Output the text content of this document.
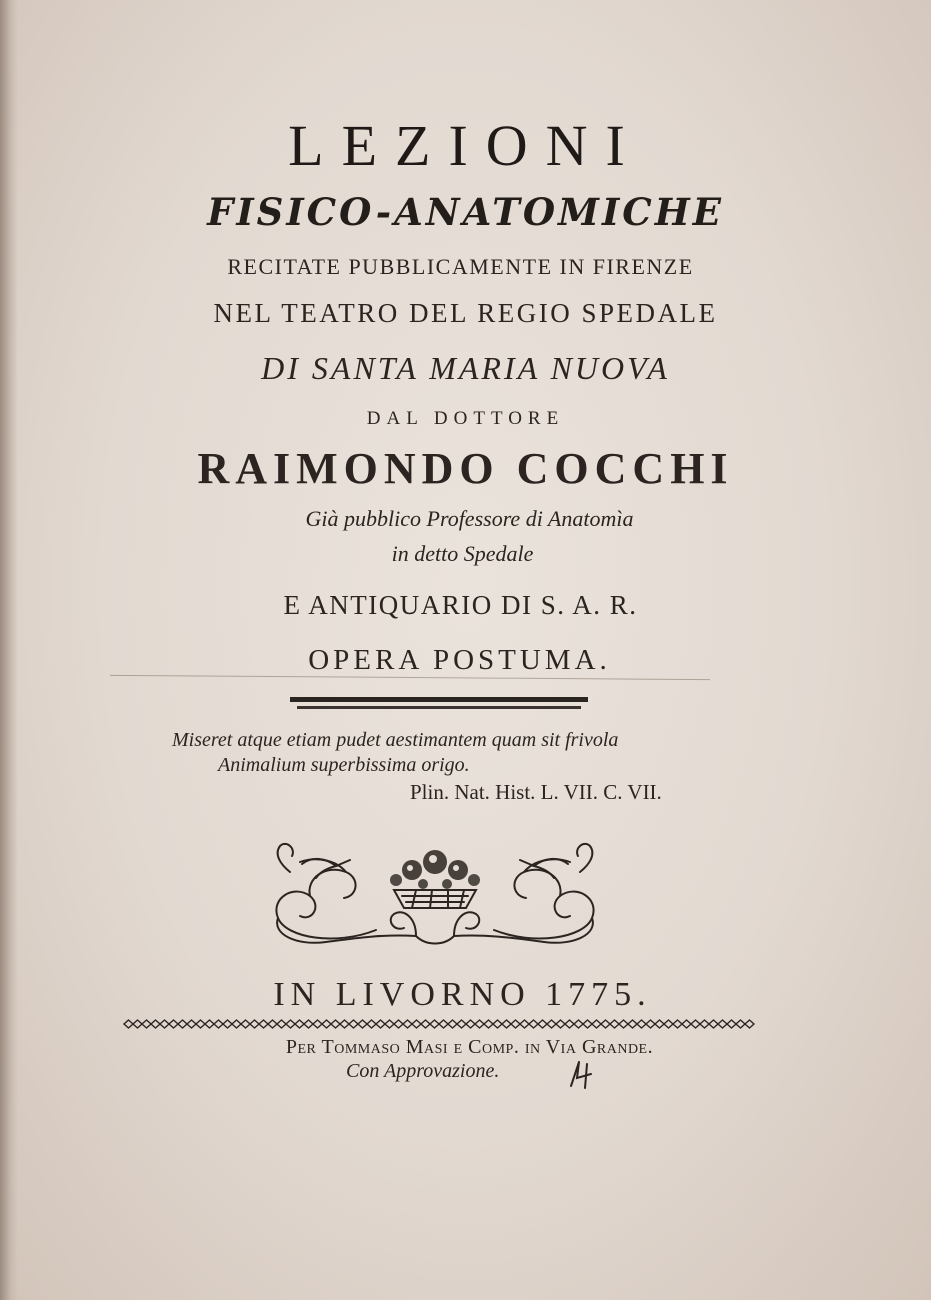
LEZIONI
FISICO-ANATOMICHE
RECITATE PUBBLICAMENTE IN FIRENZE
NEL TEATRO DEL REGIO SPEDALE
DI SANTA MARIA NUOVA
DAL DOTTORE
RAIMONDO COCCHI
Già pubblico Professore di Anatomìa
in detto Spedale
E ANTIQUARIO DI S. A. R.
OPERA POSTUMA.
Miseret atque etiam pudet aestimantem quam sit frivola
Animalium superbissima origo.
Plin. Nat. Hist. L. VII. C. VII.
IN LIVORNO 1775.
Per Tommaso Masi e Comp. in Via Grande.
Con Approvazione.
